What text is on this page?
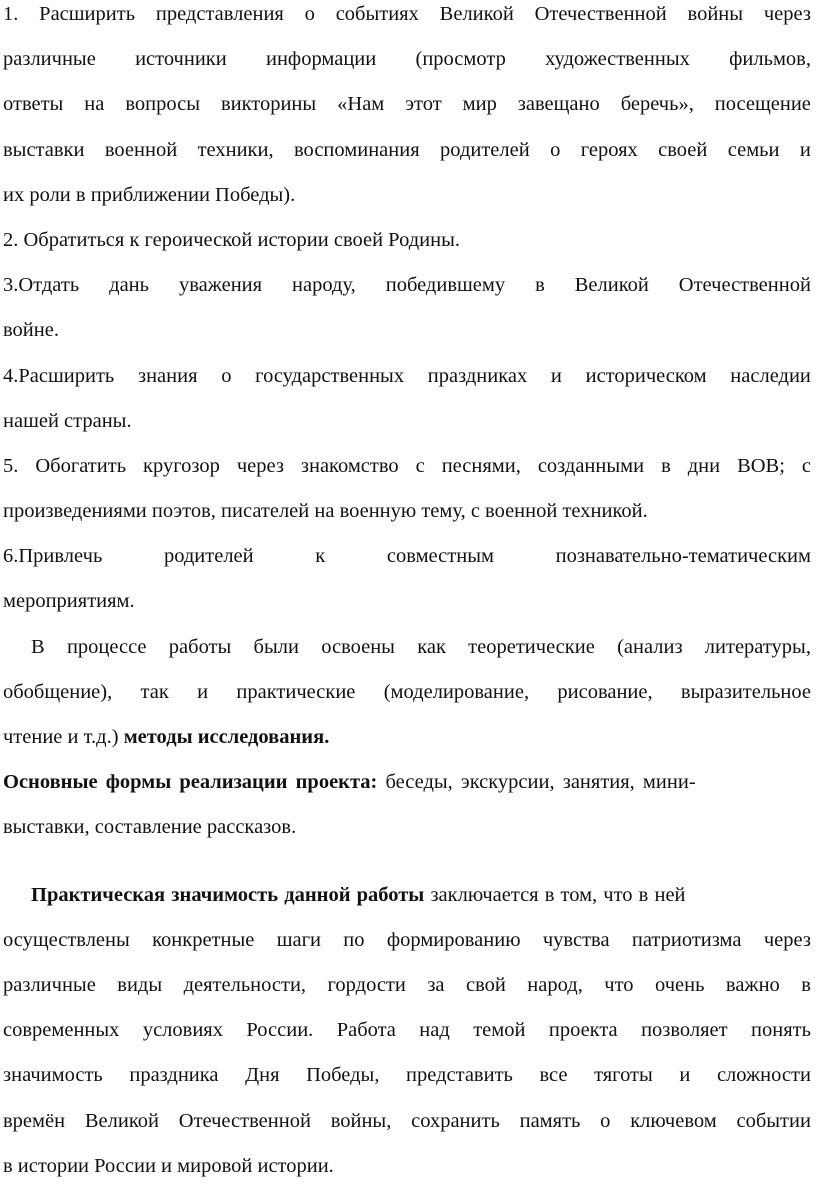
1. Расширить представления о событиях Великой Отечественной войны через
различные источники информации (просмотр художественных фильмов,
ответы на вопросы викторины «Нам этот мир завещано беречь», посещение
выставки военной техники, воспоминания родителей о героях своей семьи и
их роли в приближении Победы).
2. Обратиться к героической истории своей Родины.
3.Отдать дань уважения народу, победившему в Великой Отечественной
войне.
4.Расширить знания о государственных праздниках и историческом наследии
нашей страны.
5. Обогатить кругозор через знакомство с песнями, созданными в дни ВОВ; с
произведениями поэтов, писателей на военную тему, с военной техникой.
6.Привлечь	родителей	к	совместным	познавательно-тематическим
мероприятиям.
В процессе работы были освоены как теоретические (анализ литературы,
обобщение), так и практические (моделирование, рисование, выразительное
чтение и т.д.) методы исследования.
Основные формы реализации проекта: беседы, экскурсии, занятия, мини-
выставки, составление рассказов.
Практическая значимость данной работы заключается в том, что в ней
осуществлены конкретные шаги по формированию чувства патриотизма через
различные виды деятельности, гордости за свой народ, что очень важно в
современных условиях России. Работа над темой проекта позволяет понять
значимость праздника Дня Победы, представить все тяготы и сложности
времён Великой Отечественной войны, сохранить память о ключевом событии
в истории России и мировой истории.
